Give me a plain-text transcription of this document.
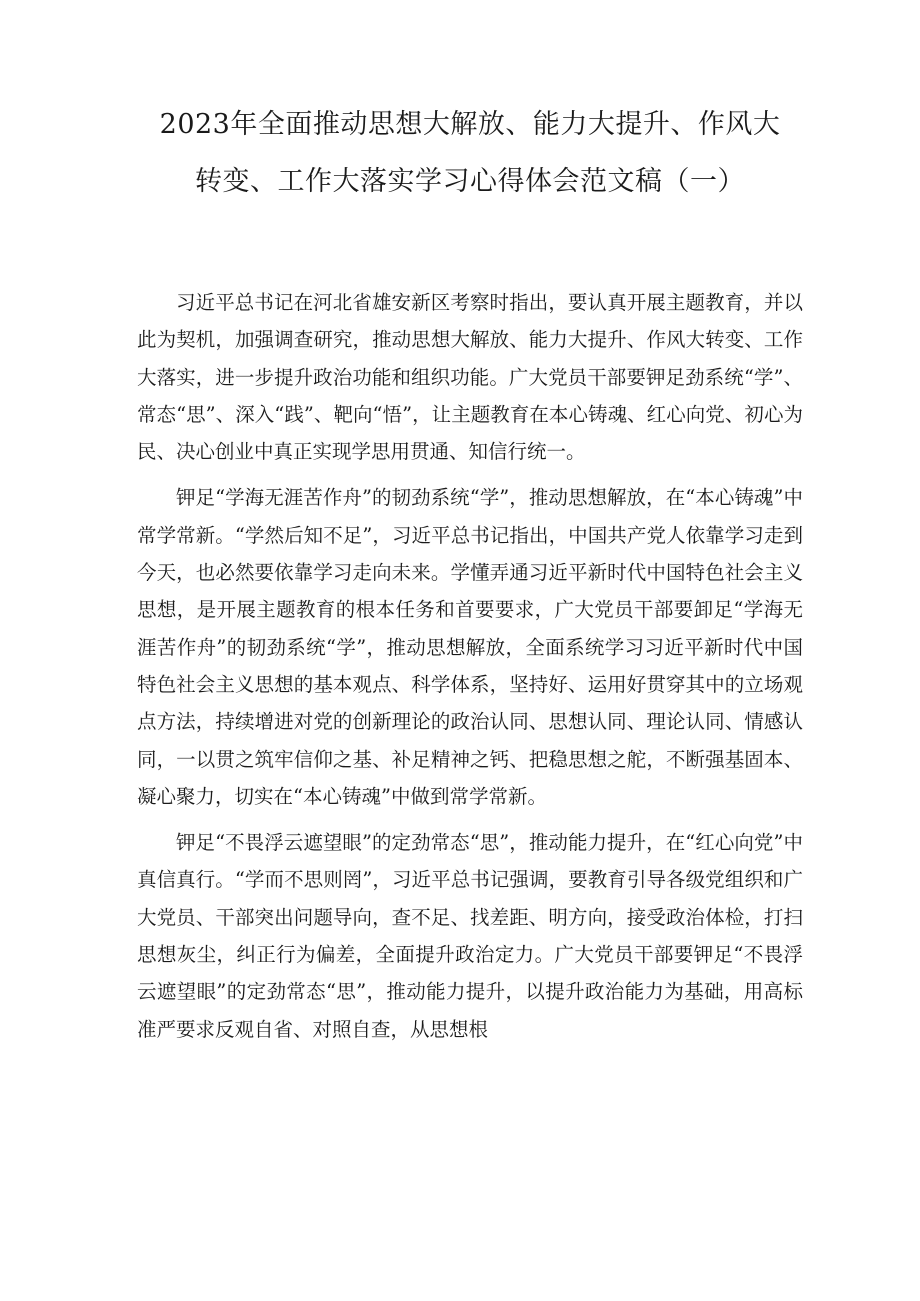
2023年全面推动思想大解放、能力大提升、作风大
转变、工作大落实学习心得体会范文稿（一）

习近平总书记在河北省雄安新区考察时指出，要认真开展主题教育，并以此为契机，加强调查研究，推动思想大解放、能力大提升、作风大转变、工作大落实，进一步提升政治功能和组织功能。广大党员干部要钾足劲系统“学”、常态“思”、深入“践”、靶向“悟”，让主题教育在本心铸魂、红心向党、初心为民、决心创业中真正实现学思用贯通、知信行统一。

钾足“学海无涯苦作舟”的韧劲系统“学”，推动思想解放，在“本心铸魂”中常学常新。“学然后知不足”，习近平总书记指出，中国共产党人依靠学习走到今天，也必然要依靠学习走向未来。学懂弄通习近平新时代中国特色社会主义思想，是开展主题教育的根本任务和首要要求，广大党员干部要卸足“学海无涯苦作舟”的韧劲系统“学”，推动思想解放，全面系统学习习近平新时代中国特色社会主义思想的基本观点、科学体系，坚持好、运用好贯穿其中的立场观点方法，持续增进对党的创新理论的政治认同、思想认同、理论认同、情感认同，一以贯之筑牢信仰之基、补足精神之钙、把稳思想之舵，不断强基固本、凝心聚力，切实在“本心铸魂”中做到常学常新。

钾足“不畏浮云遮望眼”的定劲常态“思”，推动能力提升，在“红心向党”中真信真行。“学而不思则罔”，习近平总书记强调，要教育引导各级党组织和广大党员、干部突出问题导向，查不足、找差距、明方向，接受政治体检，打扫思想灰尘，纠正行为偏差，全面提升政治定力。广大党员干部要钾足“不畏浮云遮望眼”的定劲常态“思”，推动能力提升，以提升政治能力为基础，用高标准严要求反观自省、对照自查，从思想根
